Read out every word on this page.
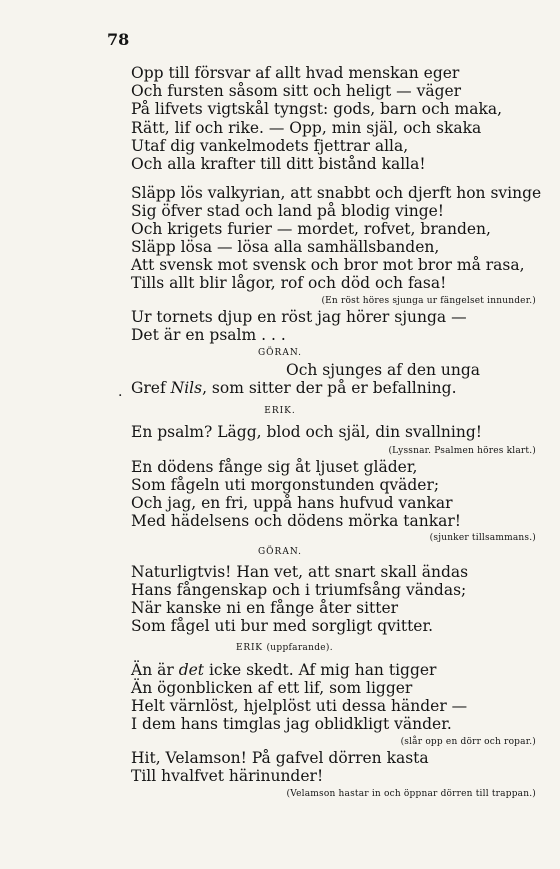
78
Opp till försvar af allt hvad menskan eger
Och fursten såsom sitt och heligt — väger
På lifvets vigtskål tyngst: gods, barn och maka,
Rätt, lif och rike. — Opp, min själ, och skaka
Utaf dig vankelmodets fjettrar alla,
Och alla krafter till ditt bistånd kalla!
Släpp lös valkyrian, att snabbt och djerft hon svinge
Sig öfver stad och land på blodig vinge!
Och krigets furier — mordet, rofvet, branden,
Släpp lösa — lösa alla samhällsbanden,
Att svensk mot svensk och bror mot bror må rasa,
Tills allt blir lågor, rof och död och fasa!
(En röst höres sjunga ur fängelset innunder.)
Ur tornets djup en röst jag hörer sjunga —
Det är en psalm . . .
GÖRAN.
Och sjunges af den unga
. Gref Nils, som sitter der på er befallning.
ERIK.
En psalm? Lägg, blod och själ, din svallning!
(Lyssnar. Psalmen höres klart.)
En dödens fånge sig åt ljuset gläder,
Som fågeln uti morgonstunden qväder;
Och jag, en fri, uppå hans hufvud vankar
Med hädelsens och dödens mörka tankar!
(sjunker tillsammans.)
GÖRAN.
Naturligtvis! Han vet, att snart skall ändas
Hans fångenskap och i triumfsång vändas;
När kanske ni en fånge åter sitter
Som fågel uti bur med sorgligt qvitter.
ERIK (uppfarande).
Än är det icke skedt. Af mig han tigger
Än ögonblicken af ett lif, som ligger
Helt värnlöst, hjelplöst uti dessa händer —
I dem hans timglas jag oblidkligt vänder.
(slår opp en dörr och ropar.)
Hit, Velamson! På gafvel dörren kasta
Till hvalfvet härinunder!
(Velamson hastar in och öppnar dörren till trappan.)
